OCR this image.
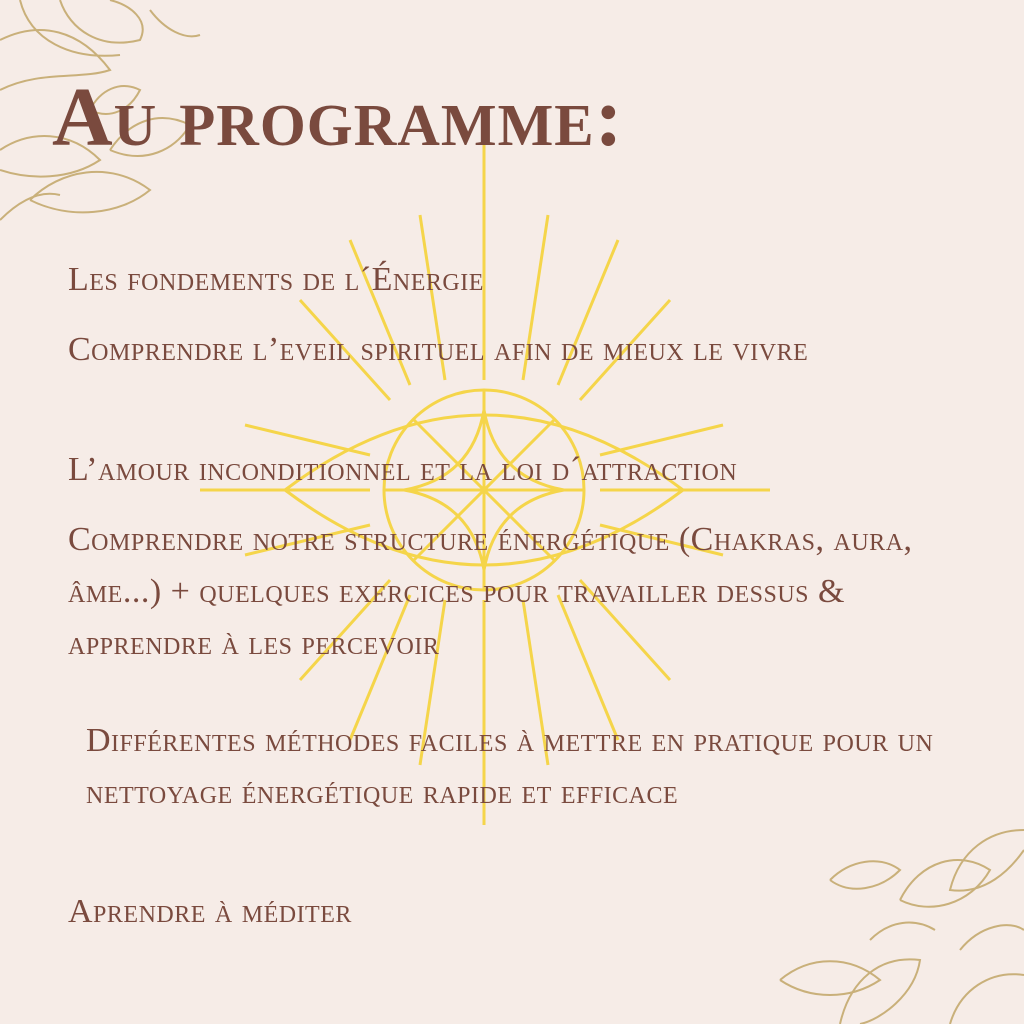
Au programme:

Les fondements de l´Énergie

Comprendre l’eveil spirituel afin de mieux le vivre

L’amour inconditionnel et la loi d´attraction

Comprendre notre structure énergétique (Chakras, aura, âme...) + quelques exercices pour travailler dessus & apprendre à les percevoir

Différentes méthodes faciles à mettre en pratique pour un nettoyage énergétique rapide et efficace

Aprendre à méditer
